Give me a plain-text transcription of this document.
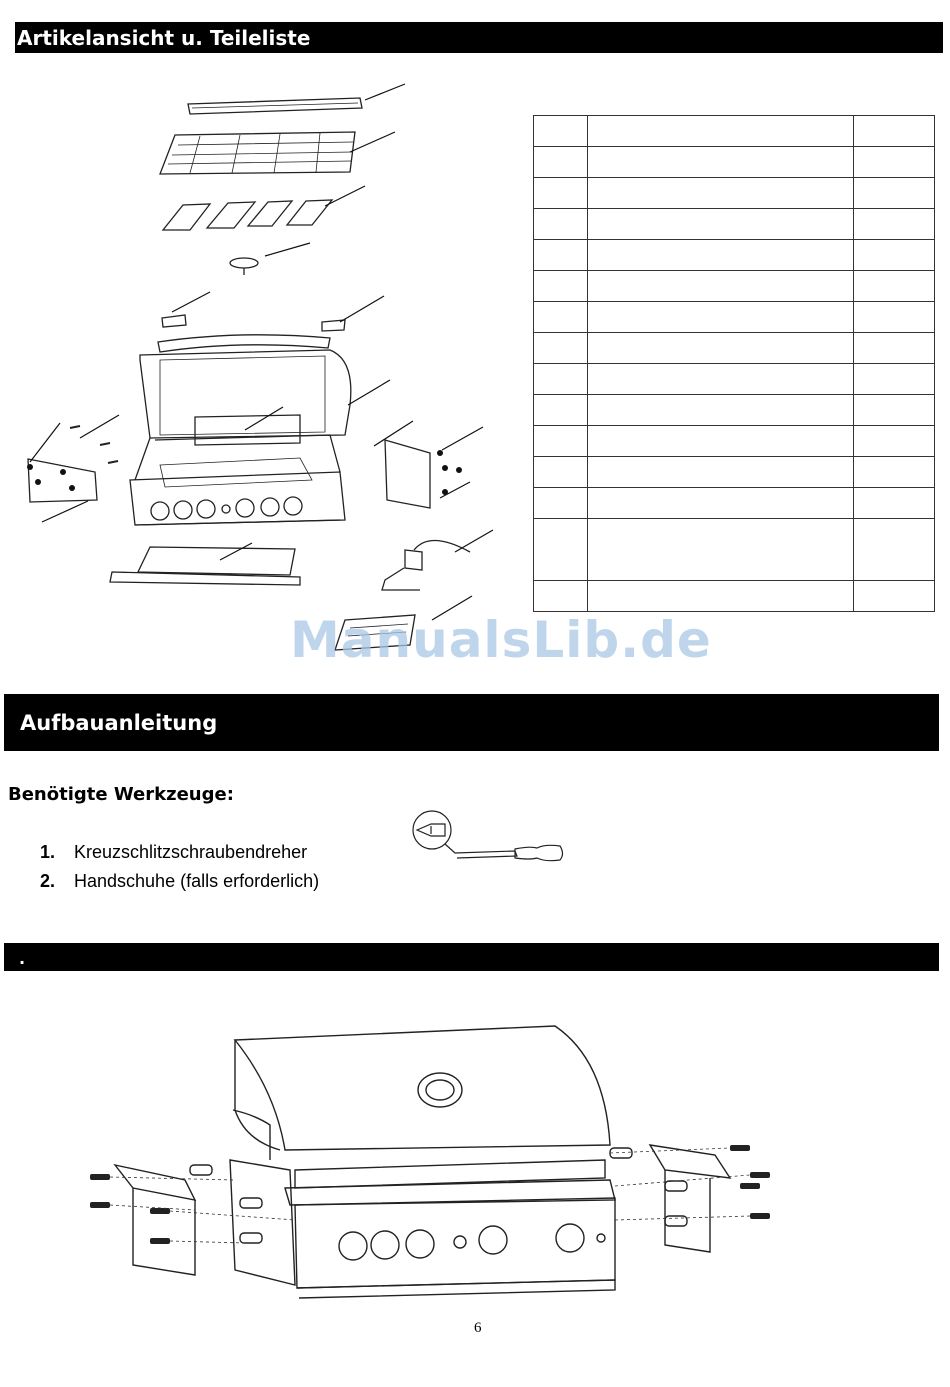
Artikelansicht u. Teileliste

ManualsLib.de
Aufbauanleitung
Benötigte Werkzeuge:
1. Kreuzschlitzschraubendreher
2. Handschuhe (falls erforderlich)
.
6
